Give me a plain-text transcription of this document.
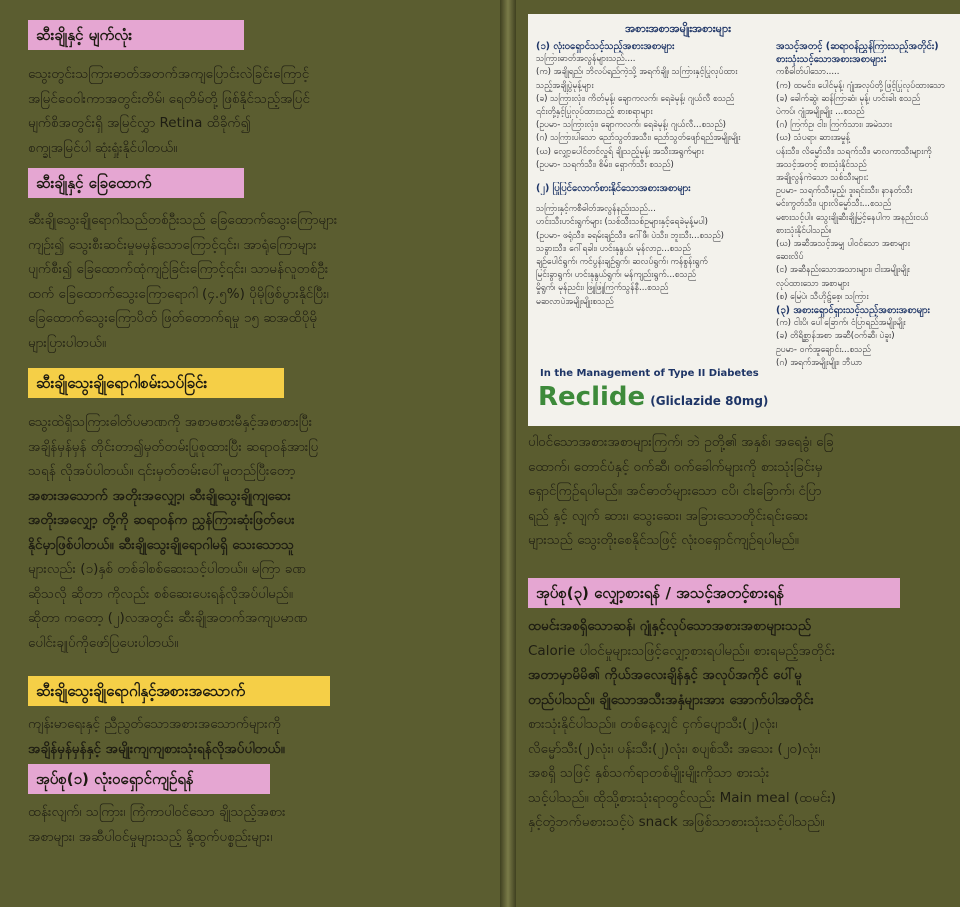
ဆီးချိုနှင့် မျက်လုံး
သွေးတွင်းသကြားဓာတ်အတက်အကျပြောင်းလဲခြင်းကြောင့်
အမြင်ဝေဝါးကာအတွင်းတိမ်၊ ရေတိမ်တို့ ဖြစ်နိုင်သည့်အပြင်
မျက်စိအတွင်းရှိ အမြင်လွှာ Retina ထိခိုက်၍
စက္ခုအမြင်ပါ ဆုံးရှုံးနိုင်ပါတယ်။
ဆီးချိုနှင့် ခြေထောက်
ဆီးချိုသွေးချိုရောဂါသည်တစ်ဦးသည် ခြေထောက်သွေးကြောများ
ကျဉ်း၍ သွေးစီးဆင်းမှုမမှန်သောကြောင့်၎င်း၊ အာရုံကြောများ
ပျက်စီး၍ ခြေထောက်ထုံကျဉ်ခြင်းကြောင့်၎င်း၊ သာမန်လူတစ်ဦး
ထက် ခြေထောက်သွေးကြောရောဂါ (၄.၅%) ပိုမိုဖြစ်ပွားနိုင်ပြီး၊
ခြေထောက်သွေးကြောပိတ် ဖြတ်တောက်ရမှု ၁၅ ဆအထိပိုမို
များပြားပါတယ်။
ဆီးချိုသွေးချိုရောဂါစမ်းသပ်ခြင်း
သွေးထဲရှိသကြားဓါတ်ပမာဏကို အစာမစားမီနှင့်အစာစားပြီး
အချိန်မှန်မှန် တိုင်းတာ၍မှတ်တမ်းပြုစုထားပြီး ဆရာဝန်အားပြ
သရန် လိုအပ်ပါတယ်။ ၎င်းမှတ်တမ်းပေါ်မူတည်ပြီးတော့
အစားအသောက် အတိုးအလျှော့၊ ဆီးချိုသွေးချိုကျဆေး
အတိုးအလျှော့ တို့ကို ဆရာဝန်က ညွှန်ကြားဆုံးဖြတ်ပေး
နိုင်မှာဖြစ်ပါတယ်။ ဆီးချိုသွေးချိုရောဂါမရှိ သေးသောသူ
များလည်း (၁)နှစ် တစ်ခါစစ်ဆေးသင့်ပါတယ်။ မကြာ ခဏ
ဆိုသလို ဆိုတာ ကိုလည်း စစ်ဆေးပေးရန်လိုအပ်ပါမည်။
ဆိုတာ ကတော့ (၂)လအတွင်း ဆီးချိုအတက်အကျပမာဏ
ပေါင်းချုပ်ကိုဖော်ပြပေးပါတယ်။
ဆီးချိုသွေးချိုရောဂါနှင့်အစားအသောက်
ကျန်းမာရေးနှင့် ညီညွတ်သောအစားအသောက်များကို
အချိန်မှန်မှန်နှင့် အမျိုးကျကျစားသုံးရန်လိုအပ်ပါတယ်။
အုပ်စု(၁) လုံးဝရှောင်ကျဉ်ရန်
ထန်းလျက်၊ သကြား၊ ကြံကာပါဝင်သော ချိုသည့်အစား
အစာများ၊ အဆီပါဝင်မှုများသည့် နို့ထွက်ပစ္စည်းများ၊
အစားအစာအမျိုးအစားများ
(၁) လုံးဝရှောင်သင့်သည့်အစားအစာများ
သကြားဓာတ်အလွန်များသည်....
(က) အချိုရည်၊ ဘိလပ်ရည်ကဲ့သို့ အရက်ချို၊ သကြားနှင့်ပြုလုပ်ထား
သည့်အချိုပွဲမုန့်များ
(ခ) သကြားလုံး၊ ကိတ်မုန့်၊ ချောကလက်၊ ရေခဲမုန့်၊ ဂျယ်လီ စသည်
၎င်းတို့နှင့်ပြုလုပ်ထားသည့် စားစရာများ
(ဥပမာ- သကြားလုံး၊ ချောကလက်၊ ရေခဲမုန့်၊ ဂျယ်လီ...စသည်)
(ဂ) သကြားပါသော ညော်သွတ်အသီး၊ ညော်သွတ်ဖျော်ရည်အမျိုးမျိုး
(ဃ) လျှော့ပေါင်တင်လှူရ် ချိုသည့်မုန့်၊ အသီးအရွက်များ
(ဥပမာ- သရက်သီး၊ စိမ်း၊ ရှောက်သီး စသည်)
(၂) ပြုပြင်လောက်စားနိုင်သောအစားအစာများ
သကြားနှင့်ကစီဓါတ်အလွန်နည်းသည်...
ဟင်းသီးဟင်းရွက်များ (သစ်သီးသစ်ဥများနှင့်ရေခဲမုန့်မပါ)
(ဥပမာ- ဖရုံသီး၊ ခရမ်းချဉ်သီး၊ ဂေါ်ဖီ၊ ပဲသီး၊ ဘူးသီး...စသည်)
သခွားသီး၊ ဂေါ်ရခါး၊ ဟင်းနုနွယ်၊ မုန်လာဥ...စသည်
ချဉ်ပေါင်ရွက်၊ ကင်ပွန်းချဉ်ရွက်၊ ဆလပ်ရွက်၊ ကန်စွန်းရွက်
မြင်းခွာရွက်၊ ဟင်းနုနွယ်ရွက်၊ မန်ကျည်းရွက်...စသည်
မှိုရွက်၊ မုန်ညင်း၊ ဖြူဖြူကြက်သွန်နီ...စသည်
မဆလာပဲအမျိုးမျိုးစသည်
အသင့်အတင့် (ဆရာဝန်ညွှန်ကြားသည့်အတိုင်း)
စားသုံးသင့်သောအစားအစာများ:
ကစီဓါတ်ပါသော.....
(က) ထမင်း၊ ပေါင်မုန့်၊ ဂျုံအလုပ်တို့ဖြင့်ပြုလုပ်ထားသော
(ခ) ခေါက်ဆွဲ၊ ဆန်ကြာဆံ၊ မုန့်၊ ဟင်းခါး စသည်
ပဲကပ်၊ ဂျုံအမျိုးမျိုး ...စသည်
(ဂ) ကြက်ဥ၊ ငါး၊ ကြက်သား၊ အမဲသား
(ဃ) သံပရာ၊ ဆားအမှုန့်
ပန်းသီး၊ လိမ္မော်သီး၊ သရက်သီး၊ မာလကာသီးများကို
အသင့်အတင့် စားသုံးနိုင်သည်
အချိုလွန်ကဲသော သစ်သီးများ:
ဥပမာ- သရက်သီးမှည့်၊ ဒူးရင်းသီး၊ နာနတ်သီး
မင်းကွတ်သီး၊ ပျားလိမ္မော်သီး...စသည်
မစားသင့်ပါ။ သွေးချိုဆီးချိုမြင့်နေပါက အနည်းငယ်
စားသုံးနိုင်ပါသည်။
(ဃ) အဆီအသင့်အမျှ ပါဝင်သော အစာများ
ဆေးလိပ်
(င) အဆီနည်းသောအသားများ၊ ငါးအမျိုးမျိုး
လုပ်ထားသော အစာများ
(စ) မြေပဲ၊ သီဟိုဠ်စေ့၊ သကြား
(၃) အစားရှောင်ရှားသင့်သည့်အစားအစာများ
(က) ငါးပိ၊ ပေါ်ခြောက်၊ ငံပြာရည်အမျိုးမျိုး
(ခ) တိရိစ္ဆာန်အစာ အဆီ(ဝက်ဆီ၊ ပဲခူး)
ဥပမာ- ဝက်အူချောင်း...စသည်
(ဂ) အရက်အမျိုးမျိုး၊ ဘီယာ
In the Management of Type II Diabetes
Reclide (Gliclazide 80mg)
ပါဝင်သောအစားအစာများကြက်၊ ဘဲ ဥတို့၏ အနှစ်၊ အရေခွံ၊ ခြေ
ထောက်၊ တောင်ပံနှင့် ဝက်ဆီ၊ ဝက်ခေါက်များကို စားသုံးခြင်းမှ
ရှောင်ကြဉ်ရပါမည်။ အင်ဓာတ်များသော ငပိ၊ ငါးခြောက်၊ ငံပြာ
ရည် နှင့် လျက် ဆား၊ သွေးဆေး၊ အခြားသောတိုင်းရင်းဆေး
များသည် သွေးတိုးစေနိုင်သဖြင့် လုံးဝရှောင်ကျဉ်ရပါမည်။
အုပ်စု(၃) လျှော့စားရန် / အသင့်အတင့်စားရန်
ထမင်းအစရှိသောဆန်၊ ဂျုံနှင့်လုပ်သောအစားအစာများသည်
Calorie ပါဝင်မှုများသဖြင့်လျှော့စားရပါမည်။ စားရမည့်အတိုင်း
အတာမှာမိမိ၏ ကိုယ်အလေးချိန်နှင့် အလုပ်အကိုင် ပေါ်မူ
တည်ပါသည်။ ချိုသောအသီးအနှံများအား အောက်ပါအတိုင်း
စားသုံးနိုင်ပါသည်။ တစ်နေ့လျှင် ငှက်ပျောသီး(၂)လုံး၊
လိမ္မော်သီး(၂)လုံး၊ ပန်းသီး(၂)လုံး၊ စပျစ်သီး အသေး (၂၀)လုံး၊
အစရှိ သဖြင့် နှစ်သက်ရာတစ်မျိုးမျိုးကိုသာ စားသုံး
သင့်ပါသည်။ ထိုသို့စားသုံးရာတွင်လည်း Main meal (ထမင်း)
နှင့်တွဲဘက်မစားသင့်ပဲ snack အဖြစ်သာစားသုံးသင့်ပါသည်။
